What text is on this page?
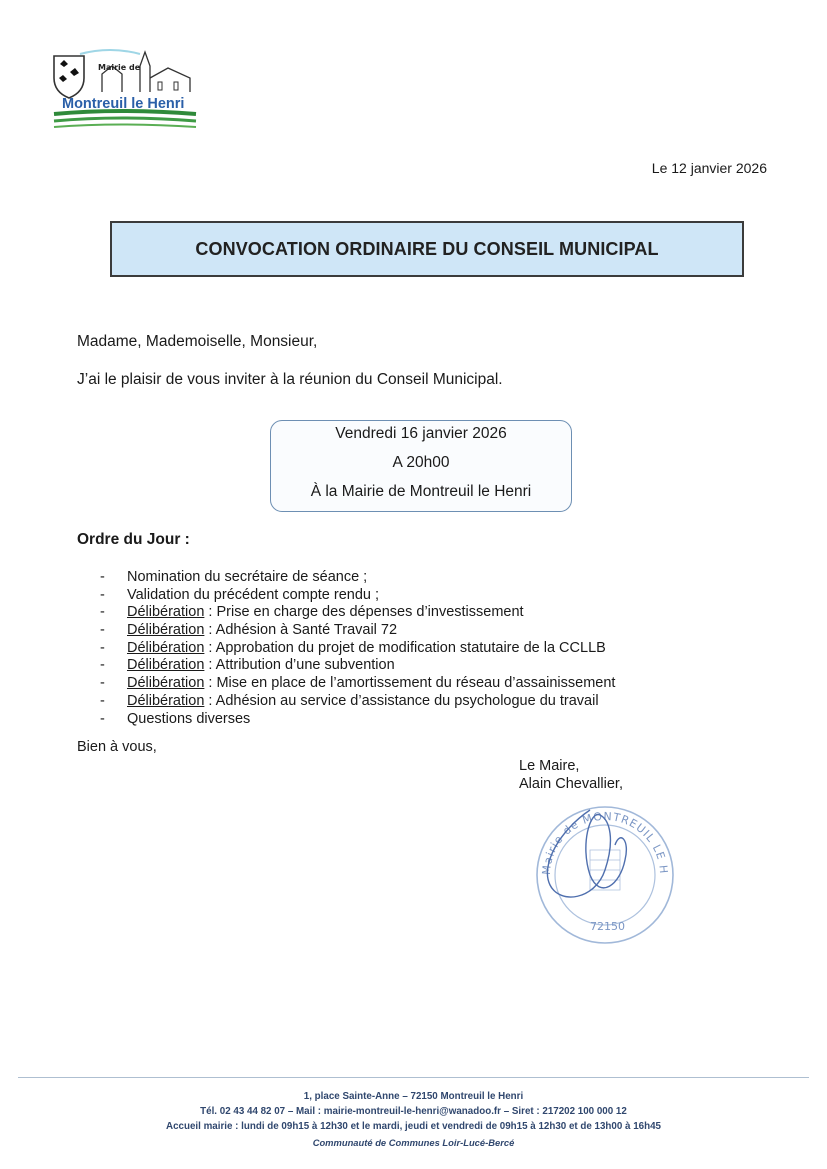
Mairie de
Montreuil le Henri
Le 12 janvier 2026
CONVOCATION ORDINAIRE DU CONSEIL MUNICIPAL
Madame, Mademoiselle, Monsieur,
J’ai le plaisir de vous inviter à la réunion du Conseil Municipal.
Vendredi 16 janvier 2026
A 20h00
À la Mairie de Montreuil le Henri
Ordre du Jour :
- Nomination du secrétaire de séance ;
- Validation du précédent compte rendu ;
- Délibération : Prise en charge des dépenses d’investissement
- Délibération : Adhésion à Santé Travail 72
- Délibération : Approbation du projet de modification statutaire de la CCLLB
- Délibération : Attribution d’une subvention
- Délibération : Mise en place de l’amortissement du réseau d’assainissement
- Délibération : Adhésion au service d’assistance du psychologue du travail
- Questions diverses
Bien à vous,
Le Maire,
Alain Chevallier,
Mairie de MONTREUIL LE H
72150
1, place Sainte-Anne – 72150 Montreuil le Henri
Tél. 02 43 44 82 07 – Mail : mairie-montreuil-le-henri@wanadoo.fr – Siret : 217202 100 000 12
Accueil mairie : lundi de 09h15 à 12h30 et le mardi, jeudi et vendredi de 09h15 à 12h30 et de 13h00 à 16h45
Communauté de Communes Loir-Lucé-Bercé
